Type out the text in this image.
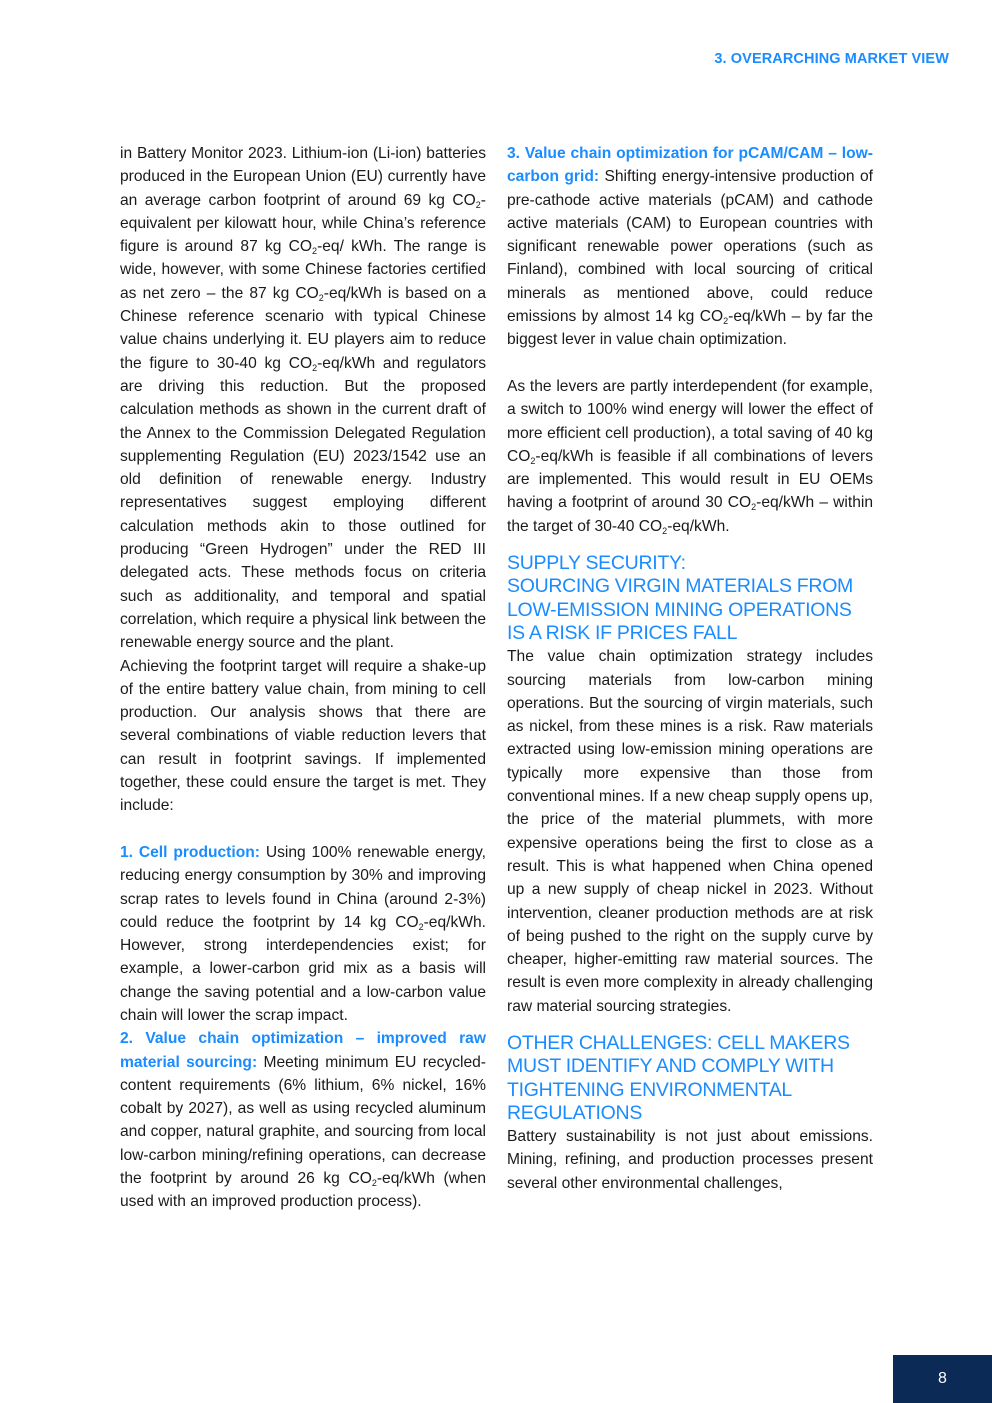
3. OVERARCHING MARKET VIEW

in Battery Monitor 2023. Lithium-ion (Li-ion) batteries produced in the European Union (EU) currently have an average carbon footprint of around 69 kg $CO_2$-equivalent per kilowatt hour, while China’s reference figure is around 87 kg $CO_2-eq/$ kWh. The range is wide, however, with some Chinese factories certified as net zero – the 87 kg $CO_2-eq$/kWh is based on a Chinese reference scenario with typical Chinese value chains underlying it. EU players aim to reduce the figure to 30-40 kg $CO_2-eq$/kWh and regulators are driving this reduction. But the proposed calculation methods as shown in the current draft of the Annex to the Commission Delegated Regulation supplementing Regulation (EU) 2023/1542 use an old definition of renewable energy. Industry representatives suggest employing different calculation methods akin to those outlined for producing “Green Hydrogen” under the RED III delegated acts. These methods focus on criteria such as additionality, and temporal and spatial correlation, which require a physical link between the renewable energy source and the plant.

Achieving the footprint target will require a shake-up of the entire battery value chain, from mining to cell production. Our analysis shows that there are several combinations of viable reduction levers that can result in footprint savings. If implemented together, these could ensure the target is met. They include:

1. Cell production: Using 100% renewable energy, reducing energy consumption by 30% and improving scrap rates to levels found in China (around 2-3%) could reduce the footprint by 14 kg $CO_2-eq$/kWh. However, strong interdependencies exist; for example, a lower-carbon grid mix as a basis will change the saving potential and a low-carbon value chain will lower the scrap impact.

2. Value chain optimization – improved raw material sourcing: Meeting minimum EU recycled-content requirements (6% lithium, 6% nickel, 16% cobalt by 2027), as well as using recycled aluminum and copper, natural graphite, and sourcing from local low-carbon mining/refining operations, can decrease the footprint by around 26 kg $CO_2-eq$/kWh (when used with an improved production process).

3. Value chain optimization for pCAM/CAM – low-carbon grid: Shifting energy-intensive production of pre-cathode active materials (pCAM) and cathode active materials (CAM) to European countries with significant renewable power operations (such as Finland), combined with local sourcing of critical minerals as mentioned above, could reduce emissions by almost 14 kg $CO_2-eq$/kWh – by far the biggest lever in value chain optimization.

As the levers are partly interdependent (for example, a switch to 100% wind energy will lower the effect of more efficient cell production), a total saving of 40 kg $CO_2-eq$/kWh is feasible if all combinations of levers are implemented. This would result in EU OEMs having a footprint of around 30 $CO_2-eq$/kWh – within the target of 30-40 $CO_2-eq$/kWh.

SUPPLY SECURITY:
SOURCING VIRGIN MATERIALS FROM LOW-EMISSION MINING OPERATIONS IS A RISK IF PRICES FALL

The value chain optimization strategy includes sourcing materials from low-carbon mining operations. But the sourcing of virgin materials, such as nickel, from these mines is a risk. Raw materials extracted using low-emission mining operations are typically more expensive than those from conventional mines. If a new cheap supply opens up, the price of the material plummets, with more expensive operations being the first to close as a result. This is what happened when China opened up a new supply of cheap nickel in 2023. Without intervention, cleaner production methods are at risk of being pushed to the right on the supply curve by cheaper, higher-emitting raw material sources. The result is even more complexity in already challenging raw material sourcing strategies.

OTHER CHALLENGES: CELL MAKERS MUST IDENTIFY AND COMPLY WITH TIGHTENING ENVIRONMENTAL REGULATIONS

Battery sustainability is not just about emissions. Mining, refining, and production processes present several other environmental challenges,

8
